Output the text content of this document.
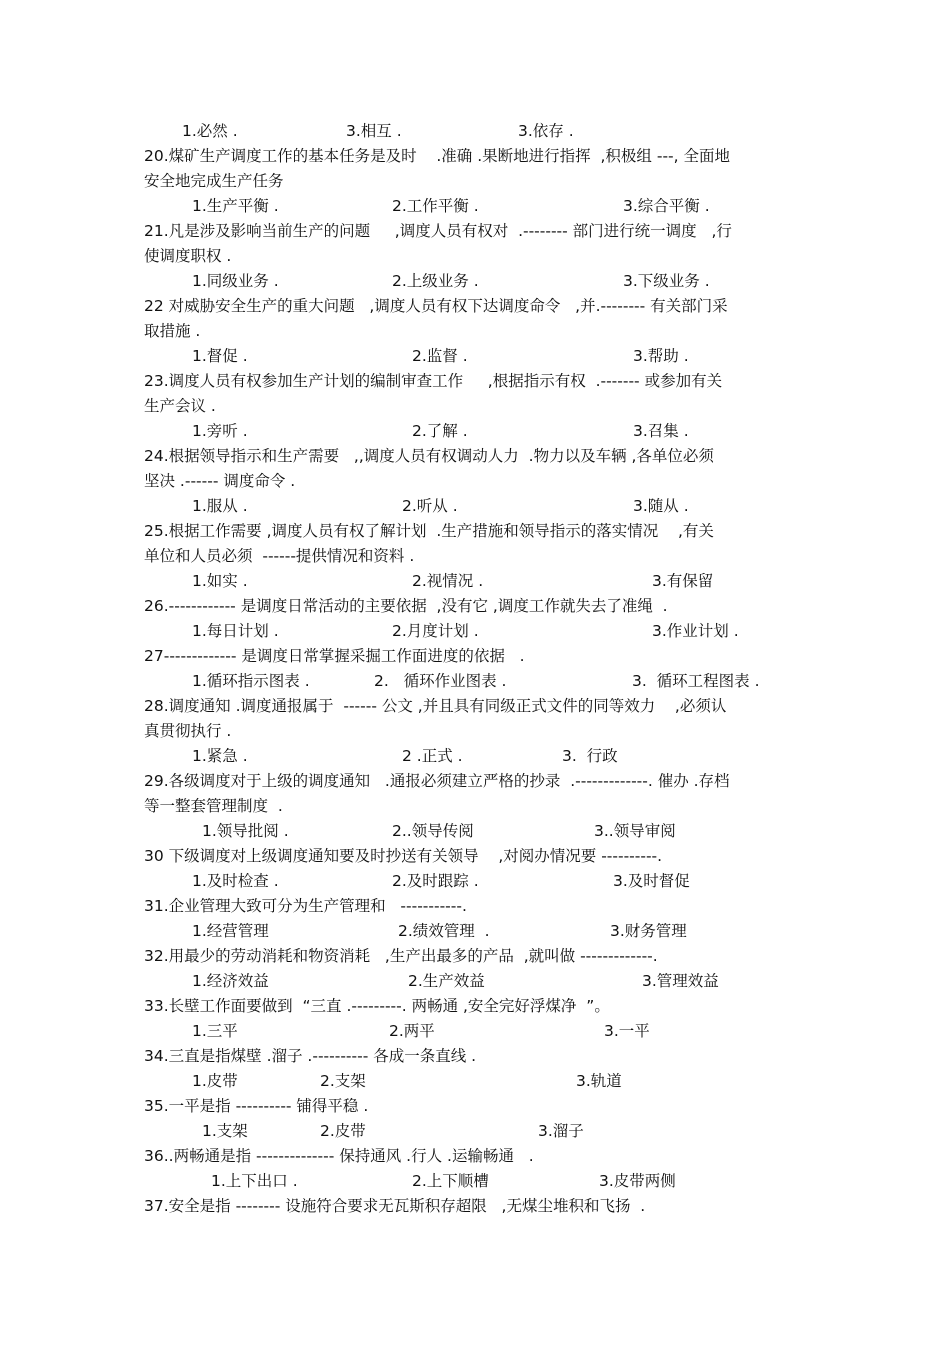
1.必然 .	3.相互 .	3.依存 .
20.煤矿生产调度工作的基本任务是及时    .准确 .果断地进行指挥  ,积极组 ---, 全面地
安全地完成生产任务
1.生产平衡 .	2.工作平衡 .	3.综合平衡 .
21.凡是涉及影响当前生产的问题     ,调度人员有权对  .-------- 部门进行统一调度   ,行
使调度职权 .
1.同级业务 .	2.上级业务 .	3.下级业务 .
22 对威胁安全生产的重大问题   ,调度人员有权下达调度命令   ,并.-------- 有关部门采
取措施 .
1.督促 .	2.监督 .	3.帮助 .
23.调度人员有权参加生产计划的编制审查工作     ,根据指示有权  .------- 或参加有关
生产会议 .
1.旁听 .	2.了解 .	3.召集 .
24.根据领导指示和生产需要   ,,调度人员有权调动人力  .物力以及车辆 ,各单位必须
坚决 .------ 调度命令 .
1.服从 .	2.听从 .	3.随从 .
25.根据工作需要 ,调度人员有权了解计划  .生产措施和领导指示的落实情况    ,有关
单位和人员必须  ------提供情况和资料 .
1.如实 .	2.视情况 .	3.有保留
26.------------ 是调度日常活动的主要依据  ,没有它 ,调度工作就失去了准绳  .
1.每日计划 .	2.月度计划 .	3.作业计划 .
27------------- 是调度日常掌握采掘工作面进度的依据   .
1.循环指示图表 .	2.   循环作业图表 .	3.  循环工程图表 .
28.调度通知 .调度通报属于  ------ 公文 ,并且具有同级正式文件的同等效力    ,必须认
真贯彻执行 .
1.紧急 .	2 .正式 .	3.  行政
29.各级调度对于上级的调度通知   .通报必须建立严格的抄录  .-------------. 催办 .存档
等一整套管理制度  .
1.领导批阅 .	2..领导传阅	3..领导审阅
30 下级调度对上级调度通知要及时抄送有关领导    ,对阅办情况要 ----------.
1.及时检查 .	2.及时跟踪 .	3.及时督促
31.企业管理大致可分为生产管理和   -----------.
1.经营管理	2.绩效管理  .	3.财务管理
32.用最少的劳动消耗和物资消耗   ,生产出最多的产品  ,就叫做 -------------.
1.经济效益	2.生产效益	3.管理效益
33.长壁工作面要做到  “三直 .---------. 两畅通 ,安全完好浮煤净  ”。
1.三平	2.两平	3.一平
34.三直是指煤壁 .溜子 .---------- 各成一条直线 .
1.皮带	2.支架	3.轨道
35.一平是指 ---------- 铺得平稳 .
1.支架	2.皮带	3.溜子
36..两畅通是指 -------------- 保持通风 .行人 .运输畅通   .
1.上下出口 .	2.上下顺槽	3.皮带两侧
37.安全是指 -------- 设施符合要求无瓦斯积存超限   ,无煤尘堆积和飞扬  .
